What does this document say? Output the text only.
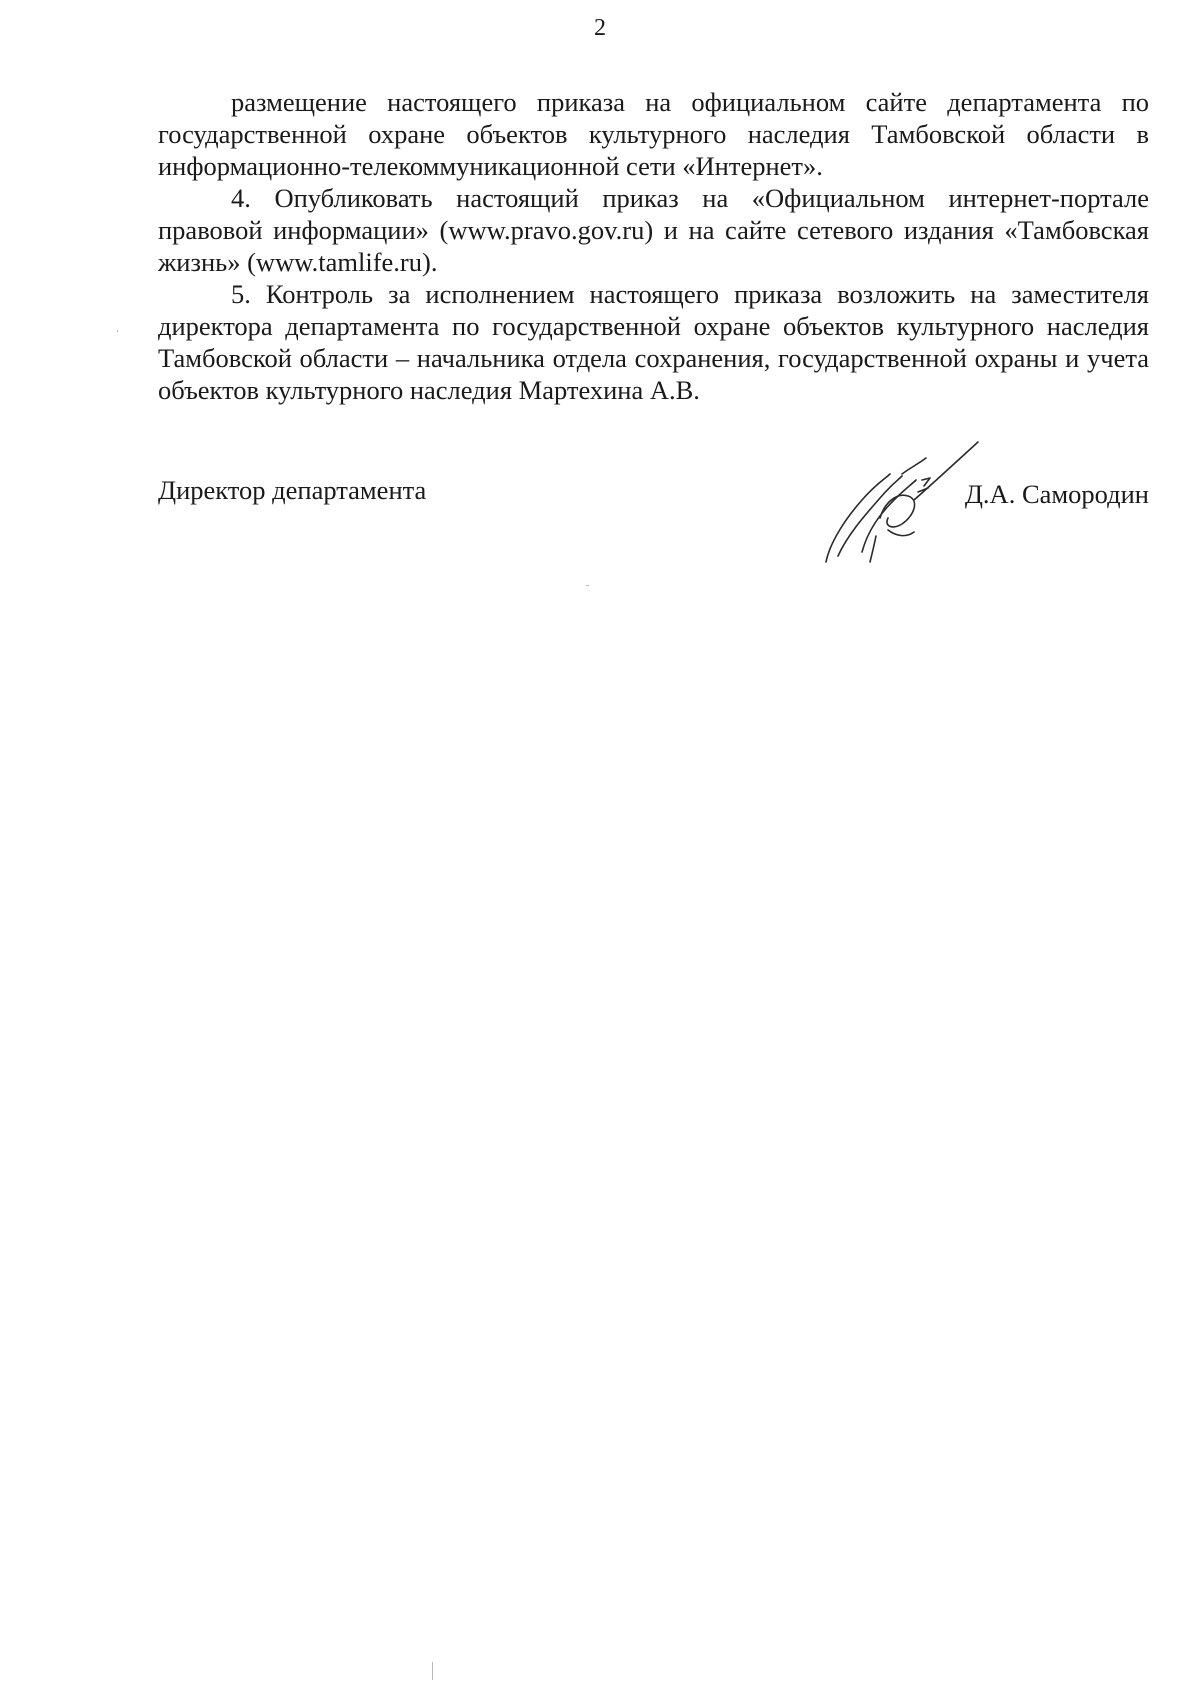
2

размещение настоящего приказа на официальном сайте департамента по государственной охране объектов культурного наследия Тамбовской области в информационно-телекоммуникационной сети «Интернет».

4. Опубликовать настоящий приказ на «Официальном интернет-портале правовой информации» (www.pravo.gov.ru) и на сайте сетевого издания «Тамбовская жизнь» (www.tamlife.ru).

5. Контроль за исполнением настоящего приказа возложить на заместителя директора департамента по государственной охране объектов культурного наследия Тамбовской области – начальника отдела сохранения, государственной охраны и учета объектов культурного наследия Мартехина А.В.

Директор департамента	Д.А. Самородин
